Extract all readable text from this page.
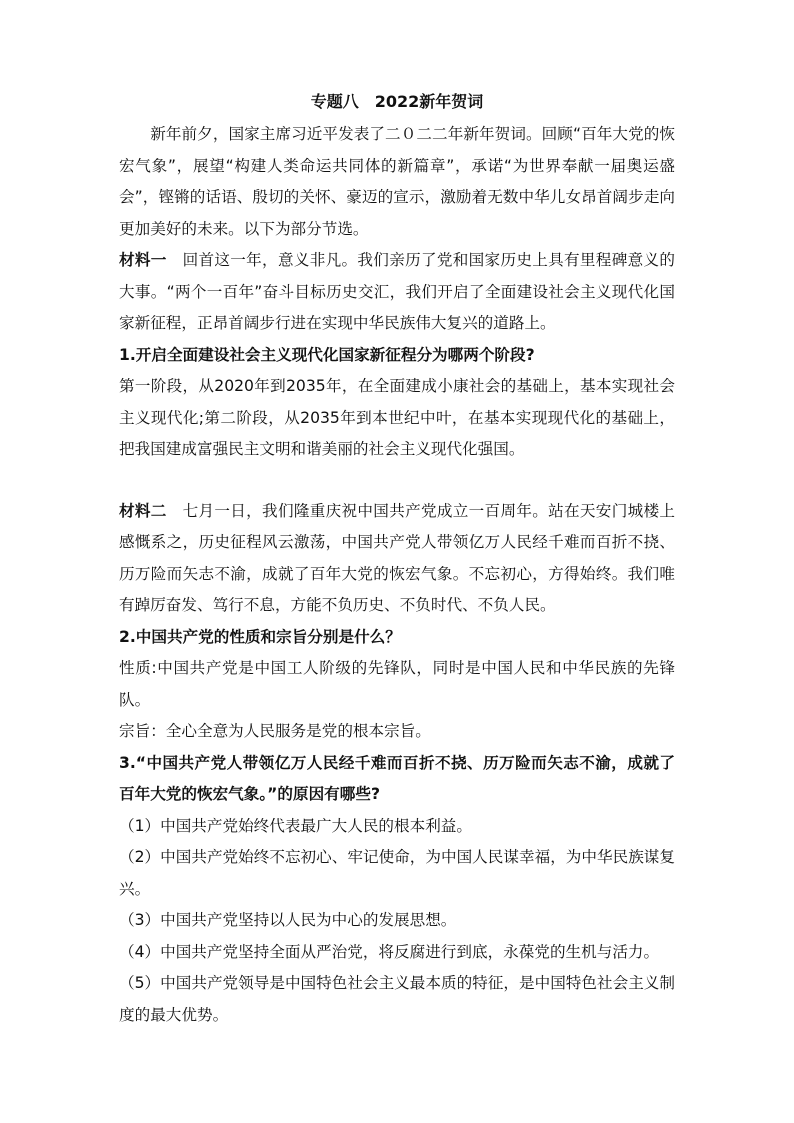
专题八　2022新年贺词

新年前夕，国家主席习近平发表了二０二二年新年贺词。回顾“百年大党的恢宏气象”，展望“构建人类命运共同体的新篇章”，承诺“为世界奉献一届奥运盛会”，铿锵的话语、殷切的关怀、豪迈的宣示，激励着无数中华儿女昂首阔步走向更加美好的未来。以下为部分节选。

材料一　回首这一年，意义非凡。我们亲历了党和国家历史上具有里程碑意义的大事。“两个一百年”奋斗目标历史交汇，我们开启了全面建设社会主义现代化国家新征程，正昂首阔步行进在实现中华民族伟大复兴的道路上。

1.开启全面建设社会主义现代化国家新征程分为哪两个阶段?

第一阶段，从2020年到2035年，在全面建成小康社会的基础上，基本实现社会主义现代化;第二阶段，从2035年到本世纪中叶，在基本实现现代化的基础上，把我国建成富强民主文明和谐美丽的社会主义现代化强国。

材料二　七月一日，我们隆重庆祝中国共产党成立一百周年。站在天安门城楼上感慨系之，历史征程风云激荡，中国共产党人带领亿万人民经千难而百折不挠、历万险而矢志不渝，成就了百年大党的恢宏气象。不忘初心，方得始终。我们唯有踔厉奋发、笃行不息，方能不负历史、不负时代、不负人民。

2.中国共产党的性质和宗旨分别是什么？

性质:中国共产党是中国工人阶级的先锋队，同时是中国人民和中华民族的先锋队。

宗旨：全心全意为人民服务是党的根本宗旨。

3.“中国共产党人带领亿万人民经千难而百折不挠、历万险而矢志不渝，成就了百年大党的恢宏气象。”的原因有哪些?

（1）中国共产党始终代表最广大人民的根本利益。

（2）中国共产党始终不忘初心、牢记使命，为中国人民谋幸福，为中华民族谋复兴。

（3）中国共产党坚持以人民为中心的发展思想。

（4）中国共产党坚持全面从严治党，将反腐进行到底，永葆党的生机与活力。

（5）中国共产党领导是中国特色社会主义最本质的特征，是中国特色社会主义制度的最大优势。
